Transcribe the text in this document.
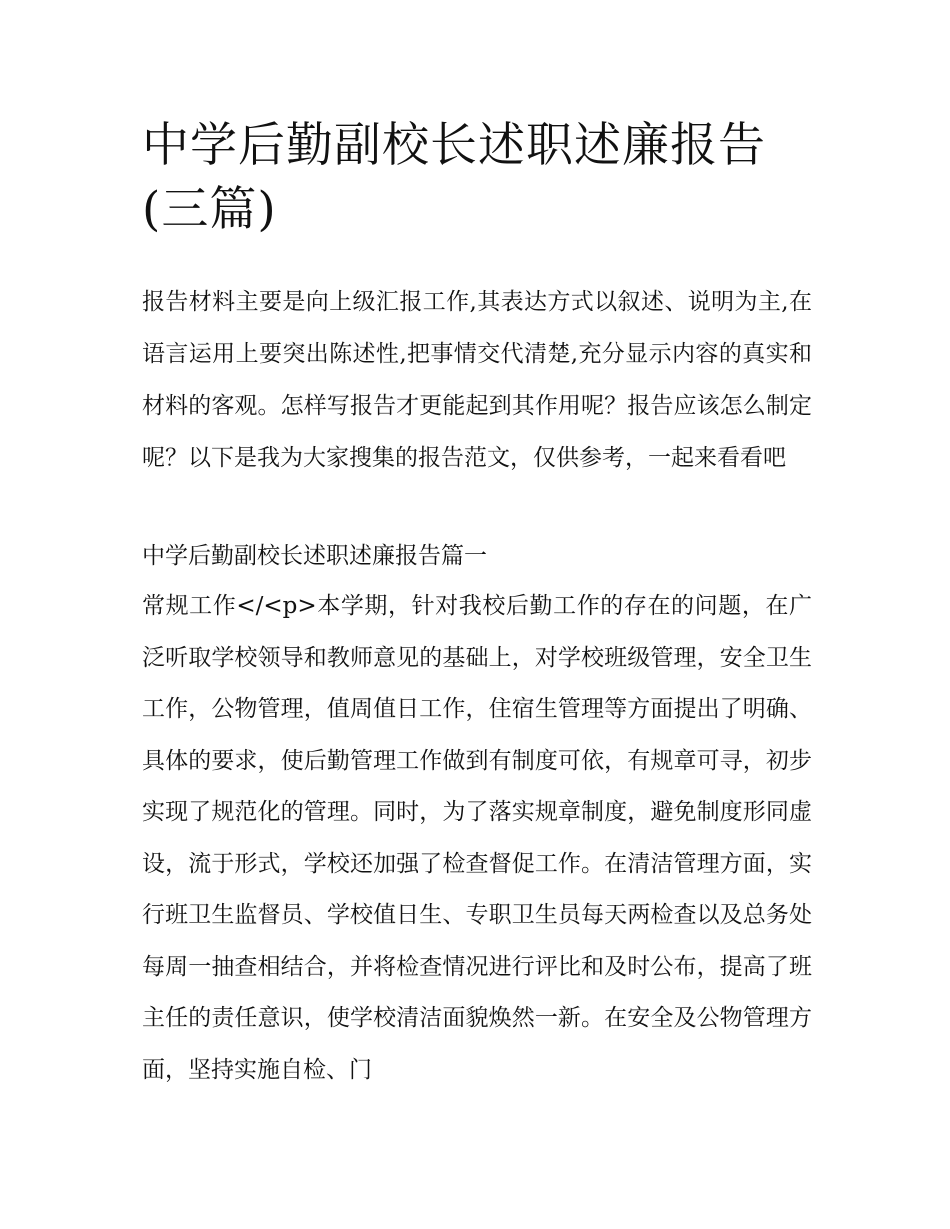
中学后勤副校长述职述廉报告(三篇)

报告材料主要是向上级汇报工作,其表达方式以叙述、说明为主,在语言运用上要突出陈述性,把事情交代清楚,充分显示内容的真实和材料的客观。怎样写报告才更能起到其作用呢？报告应该怎么制定呢？以下是我为大家搜集的报告范文，仅供参考，一起来看看吧

中学后勤副校长述职述廉报告篇一

常规工作</<p>本学期，针对我校后勤工作的存在的问题，在广泛听取学校领导和教师意见的基础上，对学校班级管理，安全卫生工作，公物管理，值周值日工作，住宿生管理等方面提出了明确、具体的要求，使后勤管理工作做到有制度可依，有规章可寻，初步实现了规范化的管理。同时，为了落实规章制度，避免制度形同虚设，流于形式，学校还加强了检查督促工作。在清洁管理方面，实行班卫生监督员、学校值日生、专职卫生员每天两检查以及总务处每周一抽查相结合，并将检查情况进行评比和及时公布，提高了班主任的责任意识，使学校清洁面貌焕然一新。在安全及公物管理方面，坚持实施自检、门
